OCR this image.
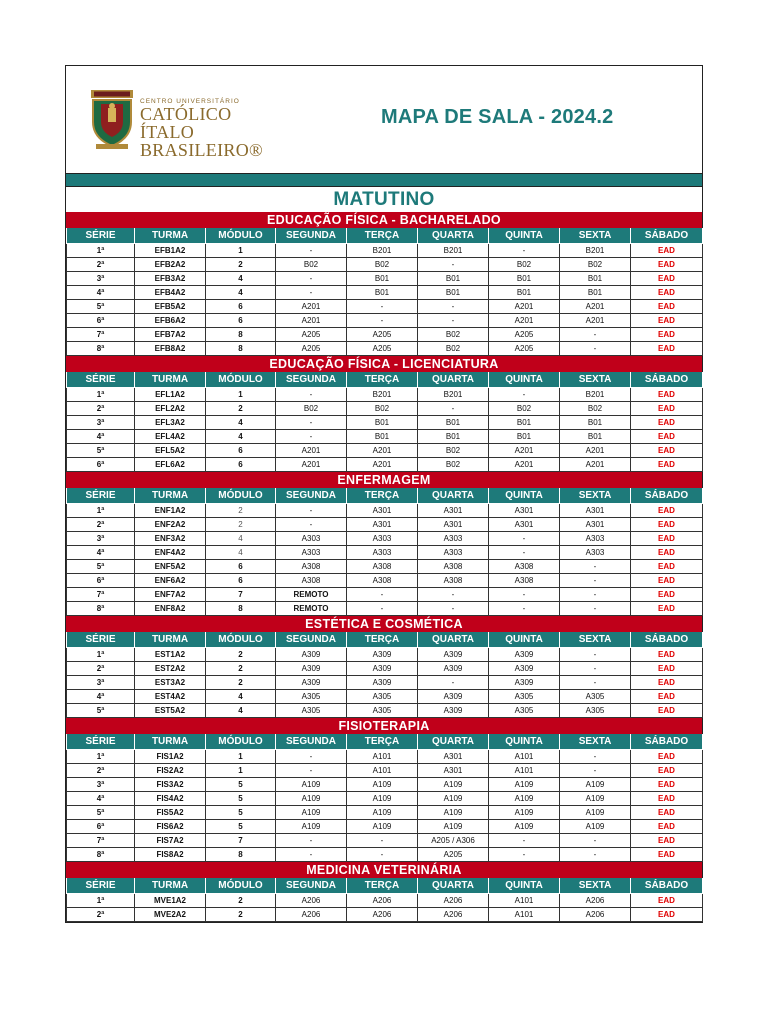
CENTRO UNIVERSITÁRIO
CATÓLICO
ÍTALO BRASILEIRO®
MAPA DE SALA - 2024.2
MATUTINO
EDUCAÇÃO FÍSICA - BACHARELADO
SÉRIE	TURMA	MÓDULO	SEGUNDA	TERÇA	QUARTA	QUINTA	SEXTA	SÁBADO
1ª	EFB1A2	1	-	B201	B201	-	B201	EAD
2ª	EFB2A2	2	B02	B02	-	B02	B02	EAD
3ª	EFB3A2	4	-	B01	B01	B01	B01	EAD
4ª	EFB4A2	4	-	B01	B01	B01	B01	EAD
5ª	EFB5A2	6	A201	-	-	A201	A201	EAD
6ª	EFB6A2	6	A201	-	-	A201	A201	EAD
7ª	EFB7A2	8	A205	A205	B02	A205	-	EAD
8ª	EFB8A2	8	A205	A205	B02	A205	-	EAD
EDUCAÇÃO FÍSICA - LICENCIATURA
SÉRIE	TURMA	MÓDULO	SEGUNDA	TERÇA	QUARTA	QUINTA	SEXTA	SÁBADO
1ª	EFL1A2	1	-	B201	B201	-	B201	EAD
2ª	EFL2A2	2	B02	B02	-	B02	B02	EAD
3ª	EFL3A2	4	-	B01	B01	B01	B01	EAD
4ª	EFL4A2	4	-	B01	B01	B01	B01	EAD
5ª	EFL5A2	6	A201	A201	B02	A201	A201	EAD
6ª	EFL6A2	6	A201	A201	B02	A201	A201	EAD
ENFERMAGEM
SÉRIE	TURMA	MÓDULO	SEGUNDA	TERÇA	QUARTA	QUINTA	SEXTA	SÁBADO
1ª	ENF1A2	2	-	A301	A301	A301	A301	EAD
2ª	ENF2A2	2	-	A301	A301	A301	A301	EAD
3ª	ENF3A2	4	A303	A303	A303	-	A303	EAD
4ª	ENF4A2	4	A303	A303	A303	-	A303	EAD
5ª	ENF5A2	6	A308	A308	A308	A308	-	EAD
6ª	ENF6A2	6	A308	A308	A308	A308	-	EAD
7ª	ENF7A2	7	REMOTO	-	-	-	-	EAD
8ª	ENF8A2	8	REMOTO	-	-	-	-	EAD
ESTÉTICA E COSMÉTICA
SÉRIE	TURMA	MÓDULO	SEGUNDA	TERÇA	QUARTA	QUINTA	SEXTA	SÁBADO
1ª	EST1A2	2	A309	A309	A309	A309	-	EAD
2ª	EST2A2	2	A309	A309	A309	A309	-	EAD
3ª	EST3A2	2	A309	A309	-	A309	-	EAD
4ª	EST4A2	4	A305	A305	A309	A305	A305	EAD
5ª	EST5A2	4	A305	A305	A309	A305	A305	EAD
FISIOTERAPIA
SÉRIE	TURMA	MÓDULO	SEGUNDA	TERÇA	QUARTA	QUINTA	SEXTA	SÁBADO
1ª	FIS1A2	1	-	A101	A301	A101	-	EAD
2ª	FIS2A2	1	-	A101	A301	A101	-	EAD
3ª	FIS3A2	5	A109	A109	A109	A109	A109	EAD
4ª	FIS4A2	5	A109	A109	A109	A109	A109	EAD
5ª	FIS5A2	5	A109	A109	A109	A109	A109	EAD
6ª	FIS6A2	5	A109	A109	A109	A109	A109	EAD
7ª	FIS7A2	7	-	-	A205 / A306	-	-	EAD
8ª	FIS8A2	8	-	-	A205	-	-	EAD
MEDICINA VETERINÁRIA
SÉRIE	TURMA	MÓDULO	SEGUNDA	TERÇA	QUARTA	QUINTA	SEXTA	SÁBADO
1ª	MVE1A2	2	A206	A206	A206	A101	A206	EAD
2ª	MVE2A2	2	A206	A206	A206	A101	A206	EAD
